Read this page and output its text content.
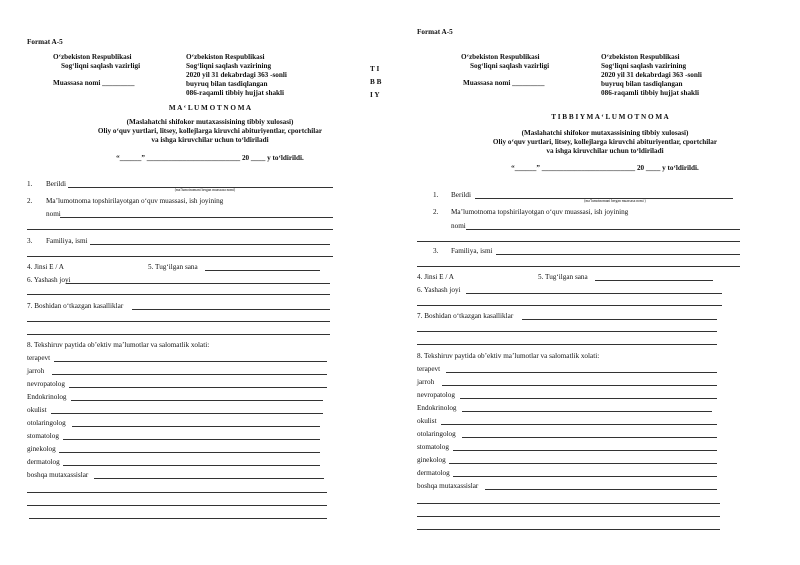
Format A-5
O‘zbekiston Respublikasi
Sog‘liqni saqlash vazirligi
Muassasa nomi _________
O‘zbekiston Respublikasi
Sog‘liqni saqlash vazirining
2020 yil 31 dekabrdagi 363 -sonli
buyruq bilan tasdiqlangan
086-raqamli tibbiy hujjat shakli
M A ‘ L U M O T N O M A
(Maslahatchi shifokor mutaxassisining tibbiy xulosasi)
Oliy o‘quv yurtlari, litsey, kollejlarga kiruvchi abituriyentlar, cportchilar
va ishga kiruvchilar uchun to‘ldiriladi
“______” __________________________ 20 ____ y to‘ldirildi.
1. Berildi
(ma’lumotnomani bergan muassasa nomi)
2. Ma’lumotnoma topshirilayotgan o‘quv muassasi, ish joyining
nomi
3. Familiya, ismi
4. Jinsi E / A	5. Tug‘ilgan sana
6. Yashash joyi
7. Boshidan o‘tkazgan kasalliklar
8. Tekshiruv paytida ob’ektiv ma’lumotlar va salomatlik xolati:
terapevt
jarroh
nevropatolog
Endokrinolog
okulist
otolaringolog
stomatolog
ginekolog
dermatolog
boshqa mutaxassislar
T I
B B
I Y
Format A-5
O‘zbekiston Respublikasi
Sog‘liqni saqlash vazirligi
Muassasa nomi _________
O‘zbekiston Respublikasi
Sog‘liqni saqlash vazirining
2020 yil 31 dekabrdagi 363 -sonli
buyruq bilan tasdiqlangan
086-raqamli tibbiy hujjat shakli
T I B B I Y M A ‘ L U M O T N O M A
(Maslahatchi shifokor mutaxassisining tibbiy xulosasi)
Oliy o‘quv yurtlari, litsey, kollejlarga kiruvchi abituriyentlar, cportchilar
va ishga kiruvchilar uchun to‘ldiriladi
“______” __________________________ 20 ____ y to‘ldirildi.
1. Berildi
(ma’lumotnomani bergan muassasa nomi )
2. Ma’lumotnoma topshirilayotgan o‘quv muassasi, ish joyining
nomi
3. Familiya, ismi
4. Jinsi E / A	5. Tug‘ilgan sana
6. Yashash joyi
7. Boshidan o‘tkazgan kasalliklar
8. Tekshiruv paytida ob’ektiv ma’lumotlar va salomatlik xolati:
terapevt
jarroh
nevropatolog
Endokrinolog
okulist
otolaringolog
stomatolog
ginekolog
dermatolog
boshqa mutaxassislar
